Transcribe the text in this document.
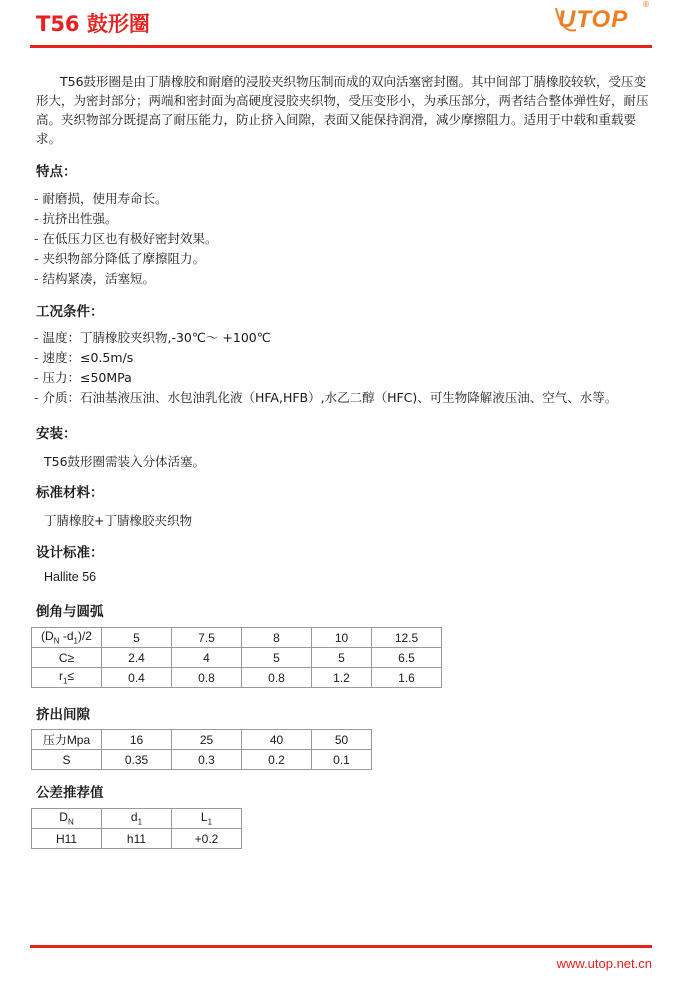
T56 鼓形圈	UTOP
®

T56鼓形圈是由丁腈橡胶和耐磨的浸胶夹织物压制而成的双向活塞密封圈。其中间部丁腈橡胶较软，受压变形大，为密封部分；两端和密封面为高硬度浸胶夹织物，受压变形小，为承压部分，两者结合整体弹性好，耐压高。夹织物部分既提高了耐压能力，防止挤入间隙，表面又能保持润滑，减少摩擦阻力。适用于中载和重载要求。

特点：
- 耐磨损，使用寿命长。
- 抗挤出性强。
- 在低压力区也有极好密封效果。
- 夹织物部分降低了摩擦阻力。
- 结构紧凑，活塞短。
工况条件：
- 温度：丁腈橡胶夹织物,-30℃～ +100℃
- 速度：≤0.5m/s
- 压力：≤50MPa
- 介质：石油基液压油、水包油乳化液（HFA,HFB）,水乙二醇（HFC)、可生物降解液压油、空气、水等。
安装：
T56鼓形圈需装入分体活塞。
标准材料：
丁腈橡胶+丁腈橡胶夹织物
设计标准：
Hallite 56
倒角与圆弧
($D_N$ $-d_1)/2$	5	7.5	8	10	12.5
C≥	2.4	4	5	5	6.5
$r_1\le$	0.4	0.8	0.8	1.2	1.6
挤出间隙
压力Mpa	16	25	40	50
S	0.35	0.3	0.2	0.1
公差推荐值
$D_N$	$d_1$	$L_1$
H11	h11	+0.2
www.utop.net.cn
